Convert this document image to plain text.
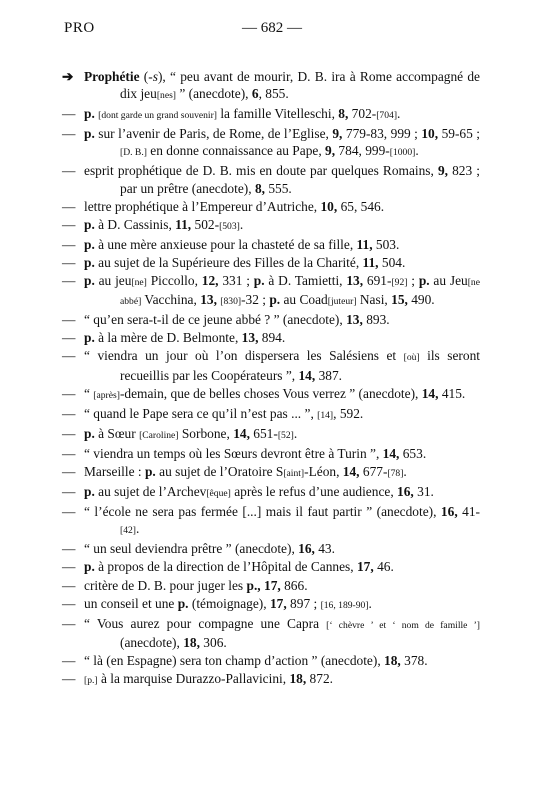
PRO	— 682 —
➔ Prophétie (-s), “ peu avant de mourir, D. B. ira à Rome accompagné de dix jeu[nes] ” (anecdote), 6, 855.
— p. [dont garde un grand souvenir] la famille Vitelleschi, 8, 702-[704].
— p. sur l’avenir de Paris, de Rome, de l’Eglise, 9, 779-83, 999 ; 10, 59-65 ; [D. B.] en donne connaissance au Pape, 9, 784, 999-[1000].
— esprit prophétique de D. B. mis en doute par quelques Romains, 9, 823 ; par un prêtre (anecdote), 8, 555.
— lettre prophétique à l’Empereur d’Autriche, 10, 65, 546.
— p. à D. Cassinis, 11, 502-[503].
— p. à une mère anxieuse pour la chasteté de sa fille, 11, 503.
— p. au sujet de la Supérieure des Filles de la Charité, 11, 504.
— p. au jeu[ne] Piccollo, 12, 331 ; p. à D. Tamietti, 13, 691-[92] ; p. au Jeu[ne abbé] Vacchina, 13, [830]-32 ; p. au Coad[juteur] Nasi, 15, 490.
— “ qu’en sera-t-il de ce jeune abbé ? ” (anecdote), 13, 893.
— p. à la mère de D. Belmonte, 13, 894.
— “ viendra un jour où l’on dispersera les Salésiens et [où] ils seront recueillis par les Coopérateurs ”, 14, 387.
— “ [après]-demain, que de belles choses Vous verrez ” (anecdote), 14, 415.
— “ quand le Pape sera ce qu’il n’est pas ... ”, [14], 592.
— p. à Sœur [Caroline] Sorbone, 14, 651-[52].
— “ viendra un temps où les Sœurs devront être à Turin ”, 14, 653.
— Marseille : p. au sujet de l’Oratoire S[aint]-Léon, 14, 677-[78].
— p. au sujet de l’Archev[êque] après le refus d’une audience, 16, 31.
— “ l’école ne sera pas fermée [...] mais il faut partir ” (anecdote), 16, 41-[42].
— “ un seul deviendra prêtre ” (anecdote), 16, 43.
— p. à propos de la direction de l’Hôpital de Cannes, 17, 46.
— critère de D. B. pour juger les p., 17, 866.
— un conseil et une p. (témoignage), 17, 897 ; [16, 189-90].
— “ Vous aurez pour compagne une Capra [‘ chèvre ’ et ‘ nom de famille ’] (anecdote), 18, 306.
— “ là (en Espagne) sera ton champ d’action ” (anecdote), 18, 378.
— [p.] à la marquise Durazzo-Pallavicini, 18, 872.
